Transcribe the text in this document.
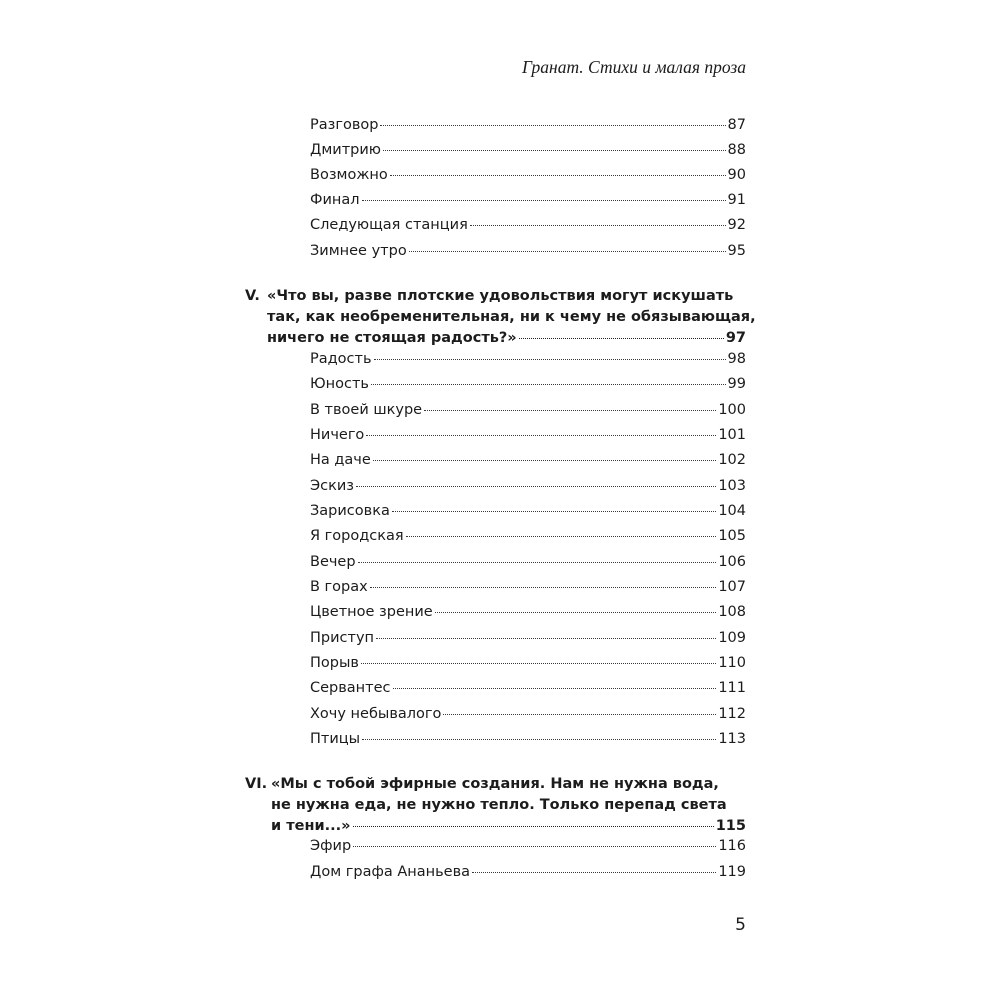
Гранат. Стихи и малая проза
Разговор	87
Дмитрию	88
Возможно	90
Финал	91
Следующая станция	92
Зимнее утро	95
V. «Что вы, разве плотские удовольствия могут искушать
так, как необременительная, ни к чему не обязывающая,
ничего не стоящая радость?»	97
Радость	98
Юность	99
В твоей шкуре	100
Ничего	101
На даче	102
Эскиз	103
Зарисовка	104
Я городская	105
Вечер	106
В горах	107
Цветное зрение	108
Приступ	109
Порыв	110
Сервантес	111
Хочу небывалого	112
Птицы	113
VI. «Мы с тобой эфирные создания. Нам не нужна вода,
не нужна еда, не нужно тепло. Только перепад света
и тени...»	115
Эфир	116
Дом графа Ананьева	119
5
